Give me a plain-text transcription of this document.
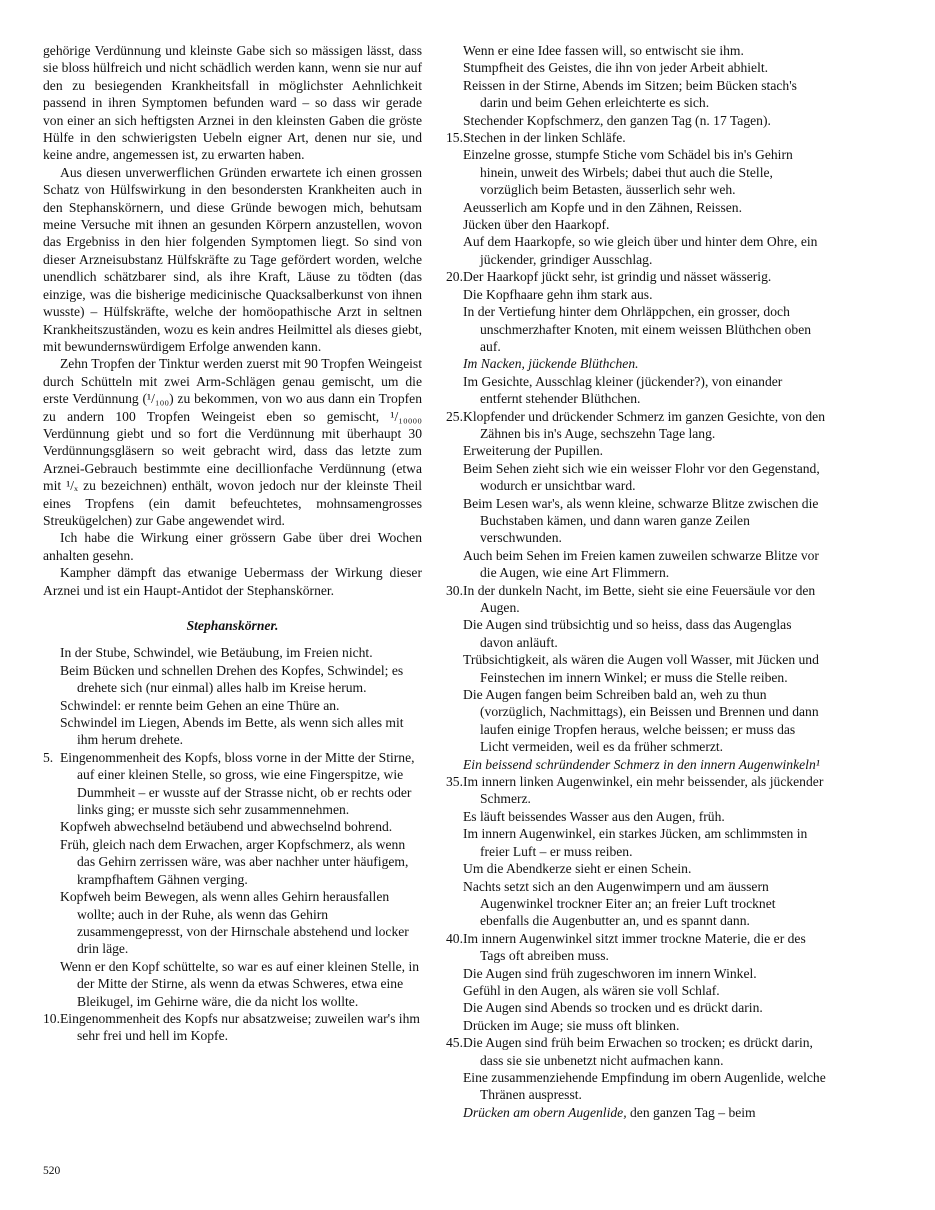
gehörige Verdünnung und kleinste Gabe sich so mässigen lässt, dass sie bloss hülfreich und nicht schädlich werden kann, wenn sie nur auf den zu besiegenden Krankheitsfall in möglichster Aehnlichkeit passend in ihren Symptomen befunden ward – so dass wir gerade von einer an sich heftigsten Arznei in den kleinsten Gaben die gröste Hülfe in den schwierigsten Uebeln eigner Art, denen nur sie, und keine andre, angemessen ist, zu erwarten haben.

Aus diesen unverwerflichen Gründen erwartete ich einen grossen Schatz von Hülfswirkung in den besondersten Krankheiten auch in den Stephanskörnern, und diese Gründe bewogen mich, behutsam meine Versuche mit ihnen an gesunden Körpern anzustellen, wovon das Ergebniss in den hier folgenden Symptomen liegt. So sind von dieser Arzneisubstanz Hülfskräfte zu Tage gefördert worden, welche unendlich schätzbarer sind, als ihre Kraft, Läuse zu tödten (das einzige, was die bisherige medicinische Quacksalberkunst von ihnen wusste) – Hülfskräfte, welche der homöopathische Arzt in seltnen Krankheitszuständen, wozu es kein andres Heilmittel als dieses giebt, mit bewundernswürdigem Erfolge anwenden kann.

Zehn Tropfen der Tinktur werden zuerst mit 90 Tropfen Weingeist durch Schütteln mit zwei Arm-Schlägen genau gemischt, um die erste Verdünnung (¹/₁₀₀) zu bekommen, von wo aus dann ein Tropfen zu andern 100 Tropfen Weingeist eben so gemischt, ¹/₁₀₀₀₀ Verdünnung giebt und so fort die Verdünnung mit überhaupt 30 Verdünnungsgläsern so weit gebracht wird, dass das letzte zum Arznei-Gebrauch bestimmte eine decillionfache Verdünnung (etwa mit ¹/ₓ zu bezeichnen) enthält, wovon jedoch nur der kleinste Theil eines Tropfens (ein damit befeuchtetes, mohnsamengrosses Streukügelchen) zur Gabe angewendet wird.

Ich habe die Wirkung einer grössern Gabe über drei Wochen anhalten gesehn.

Kampher dämpft das etwanige Uebermass der Wirkung dieser Arznei und ist ein Haupt-Antidot der Stephanskörner.

Stephanskörner.
In der Stube, Schwindel, wie Betäubung, im Freien nicht.
Beim Bücken und schnellen Drehen des Kopfes, Schwindel; es drehete sich (nur einmal) alles halb im Kreise herum.
Schwindel: er rennte beim Gehen an eine Thüre an.
Schwindel im Liegen, Abends im Bette, als wenn sich alles mit ihm herum drehete.
5. Eingenommenheit des Kopfs, bloss vorne in der Mitte der Stirne, auf einer kleinen Stelle, so gross, wie eine Fingerspitze, wie Dummheit – er wusste auf der Strasse nicht, ob er rechts oder links ging; er musste sich sehr zusammennehmen.
Kopfweh abwechselnd betäubend und abwechselnd bohrend.
Früh, gleich nach dem Erwachen, arger Kopfschmerz, als wenn das Gehirn zerrissen wäre, was aber nachher unter häufigem, krampfhaftem Gähnen verging.
Kopfweh beim Bewegen, als wenn alles Gehirn herausfallen wollte; auch in der Ruhe, als wenn das Gehirn zusammengepresst, von der Hirnschale abstehend und locker drin läge.
Wenn er den Kopf schüttelte, so war es auf einer kleinen Stelle, in der Mitte der Stirne, als wenn da etwas Schweres, etwa eine Bleikugel, im Gehirne wäre, die da nicht los wollte.
10.Eingenommenheit des Kopfs nur absatzweise; zuweilen war's ihm sehr frei und hell im Kopfe.
Wenn er eine Idee fassen will, so entwischt sie ihm.
Stumpfheit des Geistes, die ihn von jeder Arbeit abhielt.
Reissen in der Stirne, Abends im Sitzen; beim Bücken stach's darin und beim Gehen erleichterte es sich.
Stechender Kopfschmerz, den ganzen Tag (n. 17 Tagen).
15.Stechen in der linken Schläfe.
Einzelne grosse, stumpfe Stiche vom Schädel bis in's Gehirn hinein, unweit des Wirbels; dabei thut auch die Stelle, vorzüglich beim Betasten, äusserlich sehr weh.
Aeusserlich am Kopfe und in den Zähnen, Reissen.
Jücken über den Haarkopf.
Auf dem Haarkopfe, so wie gleich über und hinter dem Ohre, ein jückender, grindiger Ausschlag.
20.Der Haarkopf jückt sehr, ist grindig und nässet wässerig.
Die Kopfhaare gehn ihm stark aus.
In der Vertiefung hinter dem Ohrläppchen, ein grosser, doch unschmerzhafter Knoten, mit einem weissen Blüthchen oben auf.
Im Nacken, jückende Blüthchen.
Im Gesichte, Ausschlag kleiner (jückender?), von einander entfernt stehender Blüthchen.
25.Klopfender und drückender Schmerz im ganzen Gesichte, von den Zähnen bis in's Auge, sechszehn Tage lang.
Erweiterung der Pupillen.
Beim Sehen zieht sich wie ein weisser Flohr vor den Gegenstand, wodurch er unsichtbar ward.
Beim Lesen war's, als wenn kleine, schwarze Blitze zwischen die Buchstaben kämen, und dann waren ganze Zeilen verschwunden.
Auch beim Sehen im Freien kamen zuweilen schwarze Blitze vor die Augen, wie eine Art Flimmern.
30.In der dunkeln Nacht, im Bette, sieht sie eine Feuersäule vor den Augen.
Die Augen sind trübsichtig und so heiss, dass das Augenglas davon anläuft.
Trübsichtigkeit, als wären die Augen voll Wasser, mit Jücken und Feinstechen im innern Winkel; er muss die Stelle reiben.
Die Augen fangen beim Schreiben bald an, weh zu thun (vorzüglich, Nachmittags), ein Beissen und Brennen und dann laufen einige Tropfen heraus, welche beissen; er muss das Licht vermeiden, weil es da früher schmerzt.
Ein beissend schründender Schmerz in den innern Augenwinkeln¹
35.Im innern linken Augenwinkel, ein mehr beissender, als jückender Schmerz.
Es läuft beissendes Wasser aus den Augen, früh.
Im innern Augenwinkel, ein starkes Jücken, am schlimmsten in freier Luft – er muss reiben.
Um die Abendkerze sieht er einen Schein.
Nachts setzt sich an den Augenwimpern und am äussern Augenwinkel trockner Eiter an; an freier Luft trocknet ebenfalls die Augenbutter an, und es spannt dann.
40.Im innern Augenwinkel sitzt immer trockne Materie, die er des Tags oft abreiben muss.
Die Augen sind früh zugeschworen im innern Winkel.
Gefühl in den Augen, als wären sie voll Schlaf.
Die Augen sind Abends so trocken und es drückt darin.
Drücken im Auge; sie muss oft blinken.
45.Die Augen sind früh beim Erwachen so trocken; es drückt darin, dass sie sie unbenetzt nicht aufmachen kann.
Eine zusammenziehende Empfindung im obern Augenlide, welche Thränen auspresst.
Drücken am obern Augenlide, den ganzen Tag – beim
520
